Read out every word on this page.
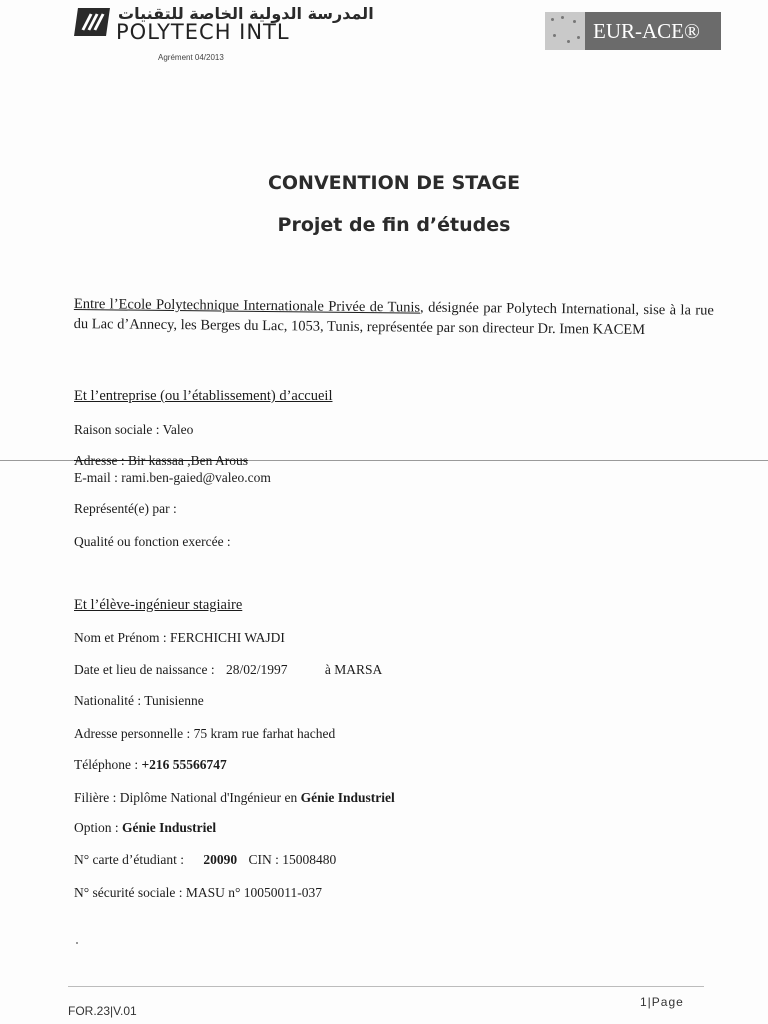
المدرسة الدولية الخاصة للتقنيات
POLYTECH INTL
Agrément 04/2013
EUR-ACE®
CONVENTION DE STAGE
Projet de fin d’études
Entre l’Ecole Polytechnique Internationale Privée de Tunis, désignée par Polytech International, sise à la rue du Lac d’Annecy, les Berges du Lac, 1053, Tunis, représentée par son directeur Dr. Imen KACEM
Et l’entreprise (ou l’établissement) d’accueil
Raison sociale : Valeo
Adresse : Bir kassaa ,Ben Arous
E-mail : rami.ben-gaied@valeo.com
Représenté(e) par :
Qualité ou fonction exercée :
Et l’élève-ingénieur stagiaire
Nom et Prénom : FERCHICHI WAJDI
Date et lieu de naissance : 28/02/1997	à MARSA
Nationalité : Tunisienne
Adresse personnelle : 75 kram rue farhat hached
Téléphone : +216 55566747
Filière : Diplôme National d'Ingénieur en Génie Industriel
Option : Génie Industriel
N° carte d’étudiant : 20090 CIN : 15008480
N° sécurité sociale : MASU n° 10050011-037
FOR.23|V.01
1|Page
